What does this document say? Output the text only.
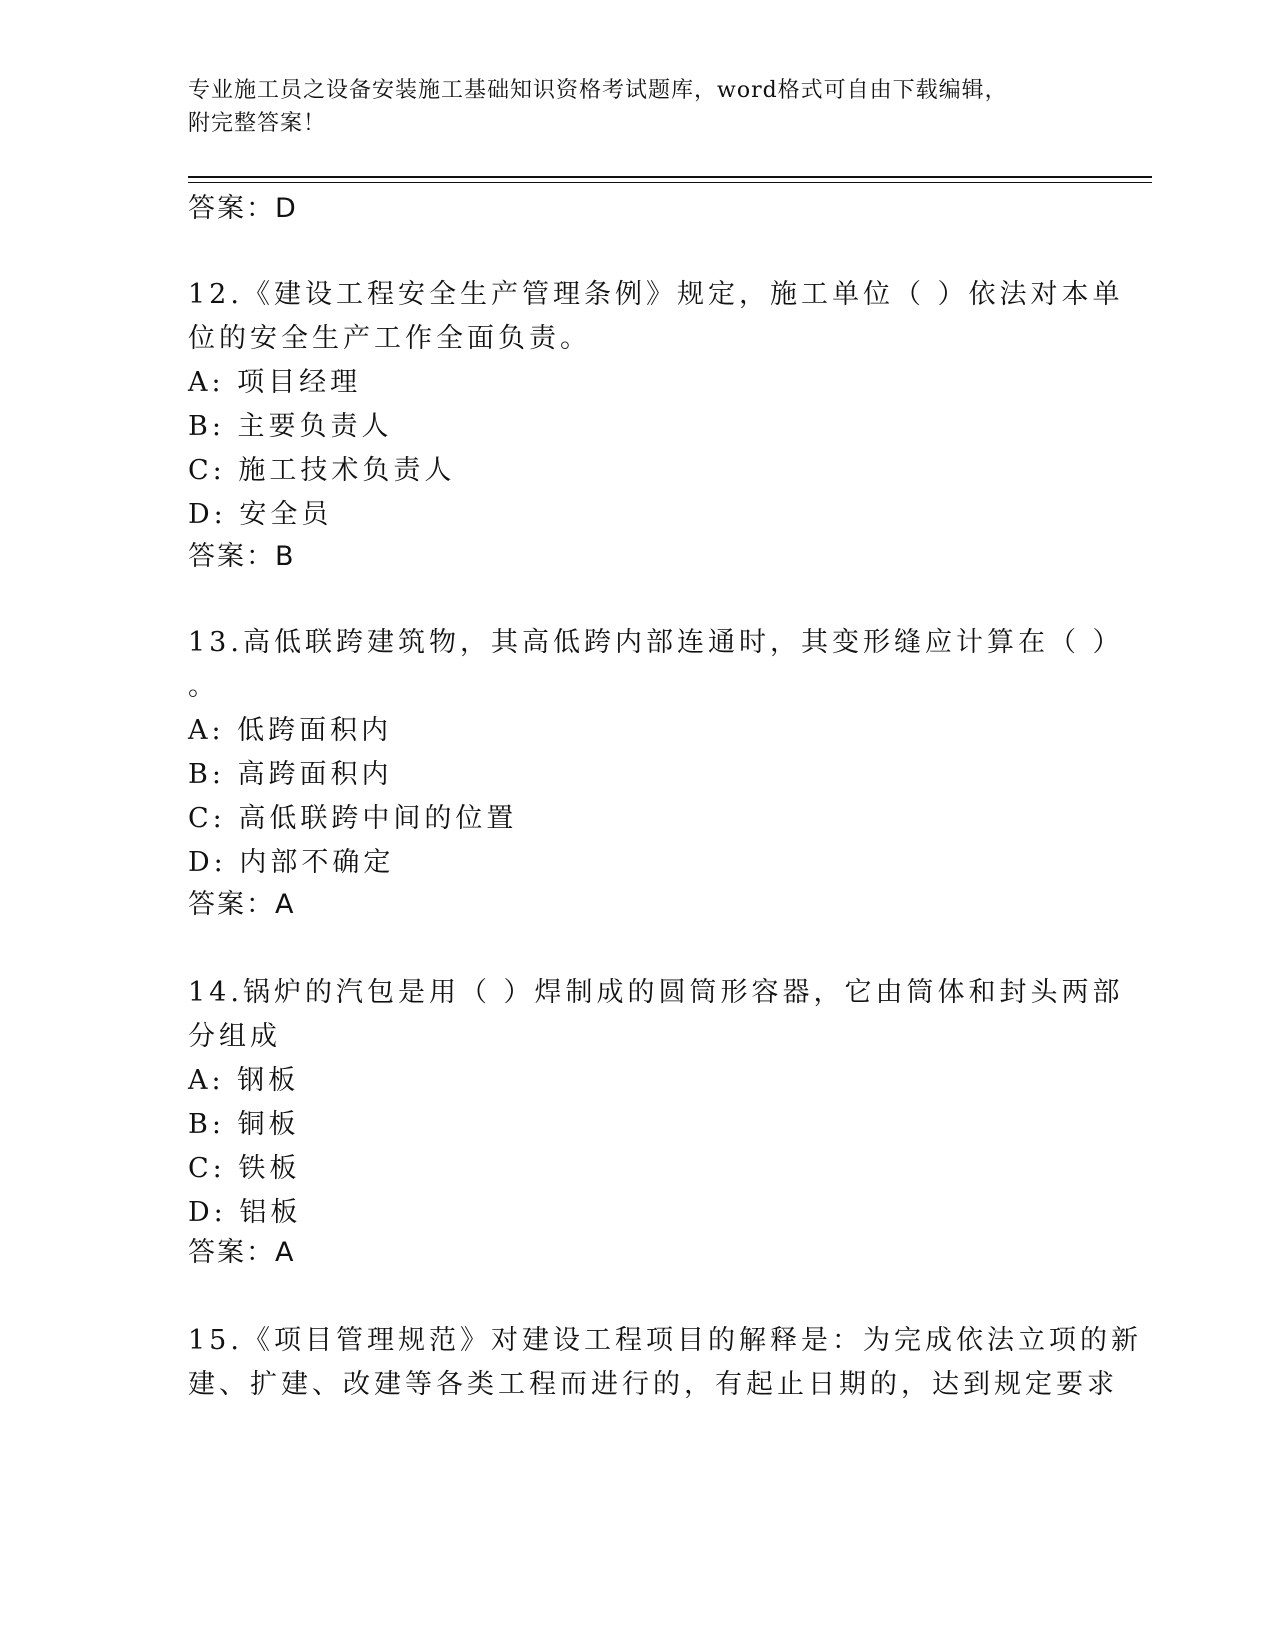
专业施工员之设备安装施工基础知识资格考试题库，word格式可自由下载编辑，
附完整答案！
答案：D
12.《建设工程安全生产管理条例》规定，施工单位（ ）依法对本单
位的安全生产工作全面负责。
A: 项目经理
B: 主要负责人
C: 施工技术负责人
D: 安全员
答案：B
13.高低联跨建筑物，其高低跨内部连通时，其变形缝应计算在（ ）
。
A: 低跨面积内
B: 高跨面积内
C: 高低联跨中间的位置
D: 内部不确定
答案：A
14.锅炉的汽包是用（ ）焊制成的圆筒形容器，它由筒体和封头两部
分组成
A: 钢板
B: 铜板
C: 铁板
D: 铝板
答案：A
15.《项目管理规范》对建设工程项目的解释是：为完成依法立项的新
建、扩建、改建等各类工程而进行的，有起止日期的，达到规定要求
